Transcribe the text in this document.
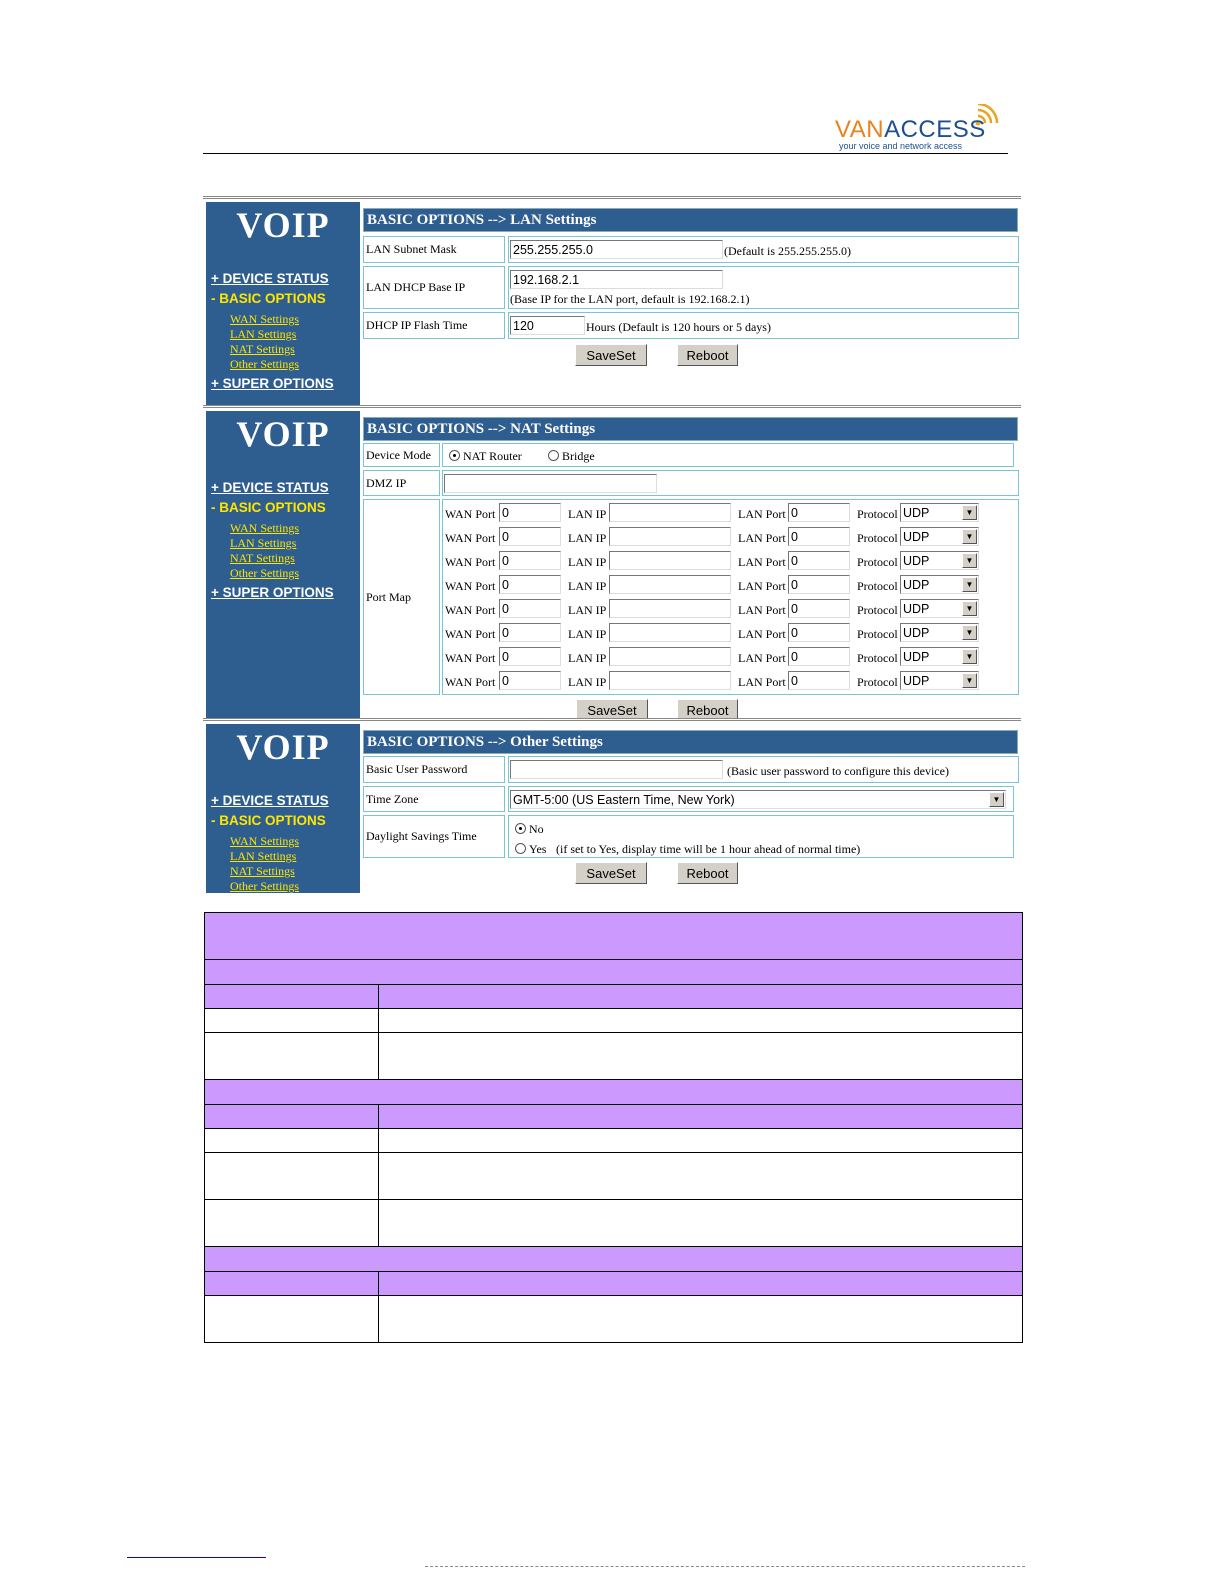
VANACCESS
your voice and network access
VOIP
+ DEVICE STATUS
- BASIC OPTIONS
WAN Settings
LAN Settings
NAT Settings
Other Settings
+ SUPER OPTIONS
BASIC OPTIONS --> LAN Settings
LAN Subnet Mask	255.255.255.0	(Default is 255.255.255.0)
LAN DHCP Base IP	192.168.2.1
(Base IP for the LAN port, default is 192.168.2.1)
DHCP IP Flash Time	120	Hours (Default is 120 hours or 5 days)
SaveSet	Reboot
VOIP
+ DEVICE STATUS
- BASIC OPTIONS
WAN Settings
LAN Settings
NAT Settings
Other Settings
+ SUPER OPTIONS
BASIC OPTIONS --> NAT Settings
Device Mode	NAT Router	Bridge
DMZ IP
Port Map
WAN Port 0	LAN IP	LAN Port 0	Protocol UDP	▼
WAN Port 0	LAN IP	LAN Port 0	Protocol UDP	▼
WAN Port 0	LAN IP	LAN Port 0	Protocol UDP	▼
WAN Port 0	LAN IP	LAN Port 0	Protocol UDP	▼
WAN Port 0	LAN IP	LAN Port 0	Protocol UDP	▼
WAN Port 0	LAN IP	LAN Port 0	Protocol UDP	▼
WAN Port 0	LAN IP	LAN Port 0	Protocol UDP	▼
WAN Port 0	LAN IP	LAN Port 0	Protocol UDP	▼
SaveSet	Reboot
VOIP
+ DEVICE STATUS
- BASIC OPTIONS
WAN Settings
LAN Settings
NAT Settings
Other Settings
BASIC OPTIONS --> Other Settings
Basic User Password	(Basic user password to configure this device)
Time Zone	GMT-5:00 (US Eastern Time, New York)	▼
Daylight Savings Time	No
Yes (if set to Yes, display time will be 1 hour ahead of normal time)
SaveSet	Reboot
